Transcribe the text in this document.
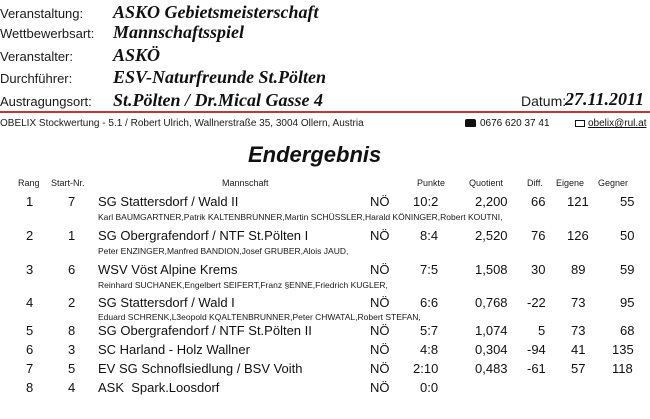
Veranstaltung: ASKO Gebietsmeisterschaft
Wettbewerbsart: Mannschaftsspiel
Veranstalter: ASKÖ
Durchführer: ESV-Naturfreunde St.Pölten
Austragungsort: St.Pölten / Dr.Mical Gasse 4	Datum:
27.11.2011
OBELIX Stockwertung - 5.1 / Robert Ulrich, Wallnerstraße 35, 3004 Ollern, Austria	0676 620 37 41	obelix@rul.at
Endergebnis
Rang Start-Nr.	Mannschaft	Punkte	Quotient	Diff. Eigene Gegner
1	7 SG Stattersdorf / Wald II	NÖ 10:2	2,200 66 121 55
Karl BAUMGARTNER,Patrik KALTENBRUNNER,Martin SCHÜSSLER,Harald KÖNINGER,Robert KOUTNI,
2	1 SG Obergrafendorf / NTF St.Pölten I	NÖ 8:4	2,520 76 126 50
Peter ENZINGER,Manfred BANDION,Josef GRUBER,Alois JAUD,
3	6 WSV Vöst Alpine Krems	NÖ 7:5	1,508 30 89	59
Reinhard SUCHANEK,Engelbert SEIFERT,Franz §ENNE,Friedrich KUGLER,
4	2 SG Stattersdorf / Wald I	NÖ 6:6	0,768 -22 73	95
Eduard SCHRENK,L3eopold KQALTENBRUNNER,Peter CHWATAL,Robert STEFAN,
5	8 SG Obergrafendorf / NTF St.Pölten II	NÖ 5:7	1,074 5 73	68
6	3 SC Harland - Holz Wallner	NÖ 4:8	0,304 -94 41 135
7	5 EV SG Schnoflsiedlung / BSV Voith	NÖ 2:10	0,483 -61 57 118
8	4 ASK  Spark.Loosdorf	NÖ 0:0
